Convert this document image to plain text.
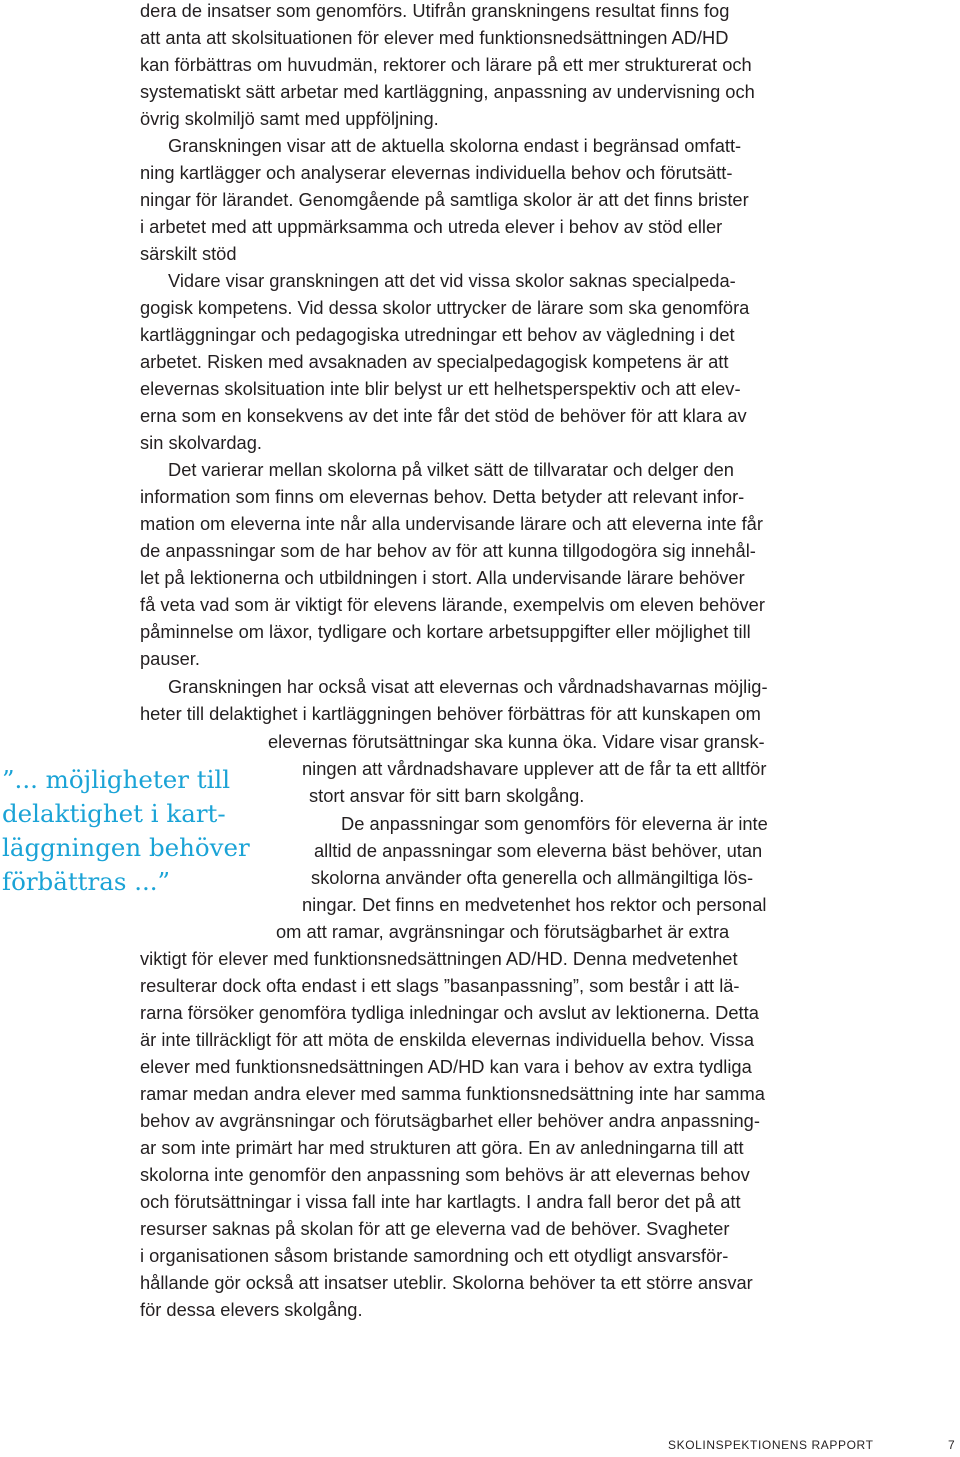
dera de insatser som genomförs. Utifrån granskningens resultat finns fog
att anta att skolsituationen för elever med funktionsnedsättningen AD/HD
kan förbättras om huvudmän, rektorer och lärare på ett mer strukturerat och
systematiskt sätt arbetar med kartläggning, anpassning av undervisning och
övrig skolmiljö samt med uppföljning.
Granskningen visar att de aktuella skolorna endast i begränsad omfatt-
ning kartlägger och analyserar elevernas individuella behov och förutsätt-
ningar för lärandet. Genomgående på samtliga skolor är att det finns brister
i arbetet med att uppmärksamma och utreda elever i behov av stöd eller
särskilt stöd
Vidare visar granskningen att det vid vissa skolor saknas specialpeda-
gogisk kompetens. Vid dessa skolor uttrycker de lärare som ska genomföra
kartläggningar och pedagogiska utredningar ett behov av vägledning i det
arbetet. Risken med avsaknaden av specialpedagogisk kompetens är att
elevernas skolsituation inte blir belyst ur ett helhetsperspektiv och att elev-
erna som en konsekvens av det inte får det stöd de behöver för att klara av
sin skolvardag.
Det varierar mellan skolorna på vilket sätt de tillvaratar och delger den
information som finns om elevernas behov. Detta betyder att relevant infor-
mation om eleverna inte når alla undervisande lärare och att eleverna inte får
de anpassningar som de har behov av för att kunna tillgodogöra sig innehål-
let på lektionerna och utbildningen i stort. Alla undervisande lärare behöver
få veta vad som är viktigt för elevens lärande, exempelvis om eleven behöver
påminnelse om läxor, tydligare och kortare arbetsuppgifter eller möjlighet till
pauser.
Granskningen har också visat att elevernas och vårdnadshavarnas möjlig-
heter till delaktighet i kartläggningen behöver förbättras för att kunskapen om
elevernas förutsättningar ska kunna öka. Vidare visar gransk-
ningen att vårdnadshavare upplever att de får ta ett alltför
stort ansvar för sitt barn skolgång.
De anpassningar som genomförs för eleverna är inte
alltid de anpassningar som eleverna bäst behöver, utan
skolorna använder ofta generella och allmängiltiga lös-
ningar. Det finns en medvetenhet hos rektor och personal
om att ramar, avgränsningar och förutsägbarhet är extra
viktigt för elever med funktionsnedsättningen AD/HD. Denna medvetenhet
resulterar dock ofta endast i ett slags ”basanpassning”, som består i att lä-
rarna försöker genomföra tydliga inledningar och avslut av lektionerna. Detta
är inte tillräckligt för att möta de enskilda elevernas individuella behov. Vissa
elever med funktionsnedsättningen AD/HD kan vara i behov av extra tydliga
ramar medan andra elever med samma funktionsnedsättning inte har samma
behov av avgränsningar och förutsägbarhet eller behöver andra anpassning-
ar som inte primärt har med strukturen att göra. En av anledningarna till att
skolorna inte genomför den anpassning som behövs är att elevernas behov
och förutsättningar i vissa fall inte har kartlagts. I andra fall beror det på att
resurser saknas på skolan för att ge eleverna vad de behöver. Svagheter
i organisationen såsom bristande samordning och ett otydligt ansvarsför-
hållande gör också att insatser uteblir. Skolorna behöver ta ett större ansvar
för dessa elevers skolgång.
”... möjligheter till
delaktighet i kart-
läggningen behöver
förbättras ...”
SKOLINSPEKTIONENS RAPPORT	7
